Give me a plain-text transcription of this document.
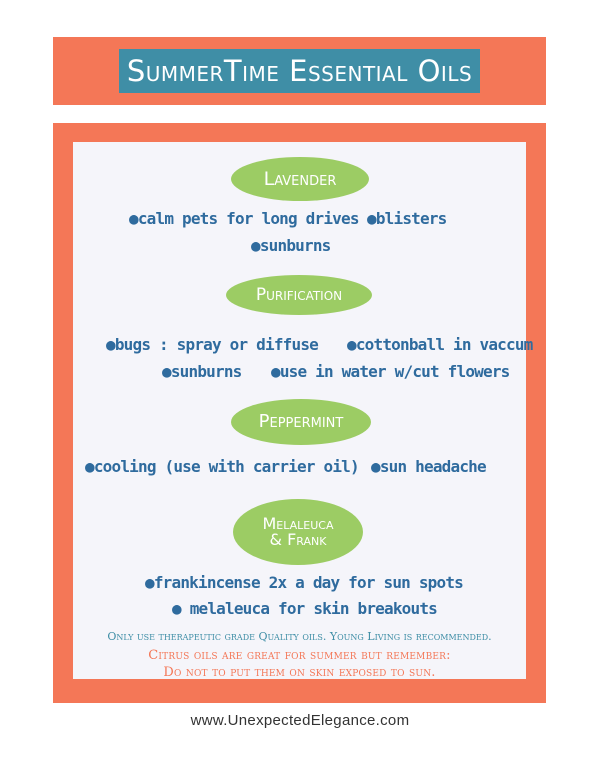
SummerTime Essential Oils
Lavender
●calm pets for long drives ●blisters
●sunburns
Purification
●bugs : spray or diffuse ●cottonball in vaccum
●sunburns ●use in water w/cut flowers
Peppermint
●cooling (use with carrier oil) ●sun headache
Melaleuca
& Frank
●frankincense 2x a day for sun spots
● melaleuca for skin breakouts
Only use therapeutic grade Quality oils. Young Living is recommended.
Citrus oils are great for summer but remember:
Do not to put them on skin exposed to sun.
www.UnexpectedElegance.com
